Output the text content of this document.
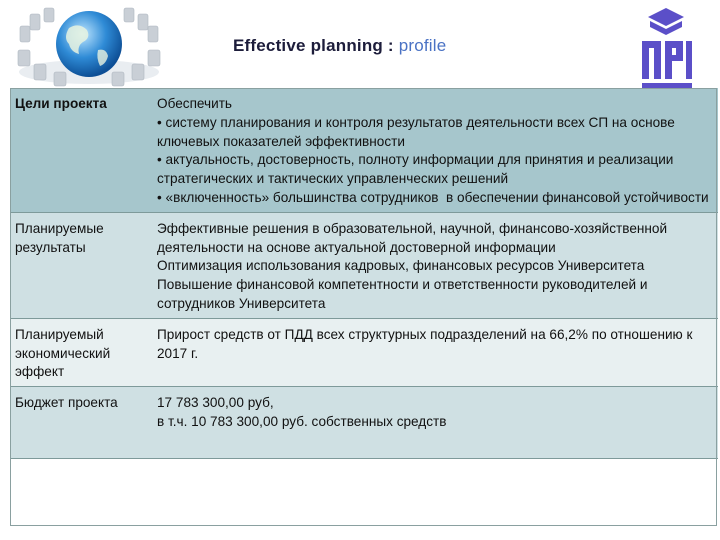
Effective planning : profile
Цели проекта	Обеспечить
• систему планирования и контроля результатов деятельности всех СП на основе ключевых показателей эффективности
• актуальность, достоверность, полноту информации для принятия и реализации стратегических и тактических управленческих решений
• «включенность» большинства сотрудников  в обеспечении финансовой устойчивости

Планируемые результаты	Эффективные решения в образовательной, научной, финансово-хозяйственной деятельности на основе актуальной достоверной информации
Оптимизация использования кадровых, финансовых ресурсов Университета
Повышение финансовой компетентности и ответственности руководителей и сотрудников Университета

Планируемый экономический эффект	Прирост средств от ПДД всех структурных подразделений на 66,2% по отношению к 2017 г.

Бюджет проекта	17 783 300,00 руб,
в т.ч. 10 783 300,00 руб. собственных средств
